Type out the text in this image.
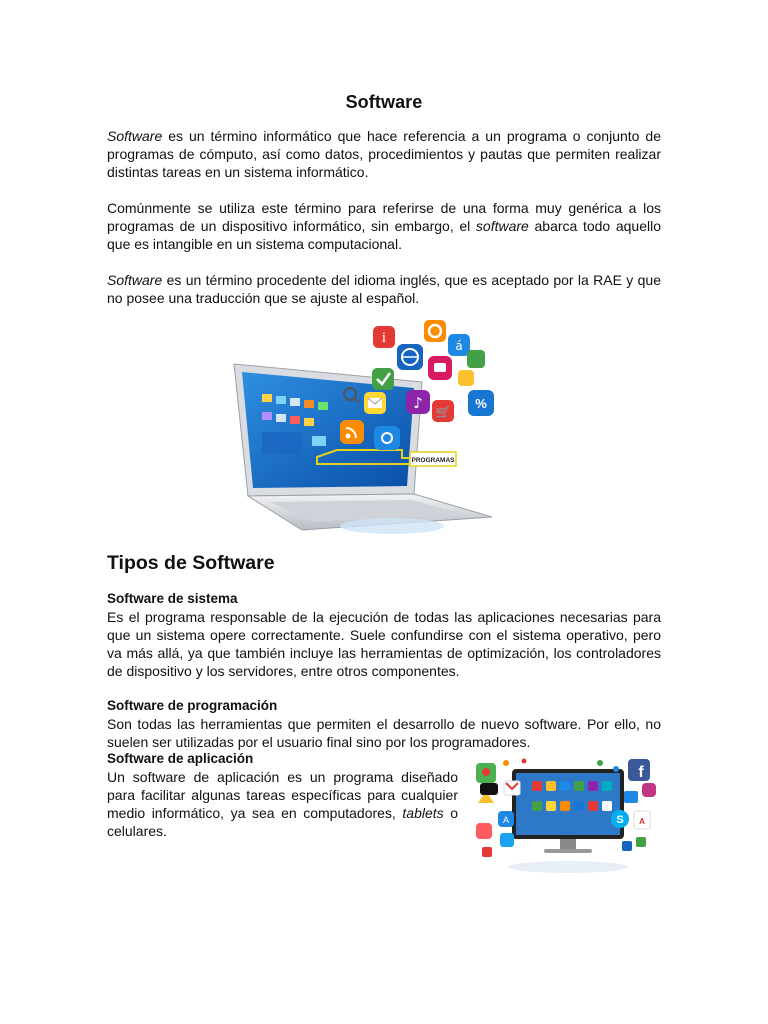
Software

Software es un término informático que hace referencia a un programa o conjunto de programas de cómputo, así como datos, procedimientos y pautas que permiten realizar distintas tareas en un sistema informático.

Comúnmente se utiliza este término para referirse de una forma muy genérica a los programas de un dispositivo informático, sin embargo, el software abarca todo aquello que es intangible en un sistema computacional.

Software es un término procedente del idioma inglés, que es aceptado por la RAE y que no posee una traducción que se ajuste al español.

PROGRAMAS
i	á
♪ 🛒
%
Tipos de Software
Software de sistema

Es el programa responsable de la ejecución de todas las aplicaciones necesarias para que un sistema opere correctamente. Suele confundirse con el sistema operativo, pero va más allá, ya que también incluye las herramientas de optimización, los controladores de dispositivo y los servidores, entre otros componentes.

Software de programación

Son todas las herramientas que permiten el desarrollo de nuevo software. Por ello, no suelen ser utilizadas por el usuario final sino por los programadores.

Software de aplicación

Un software de aplicación es un programa diseñado para facilitar algunas tareas específicas para cualquier medio informático, ya sea en computadores, tablets o celulares.

f
S A
A
